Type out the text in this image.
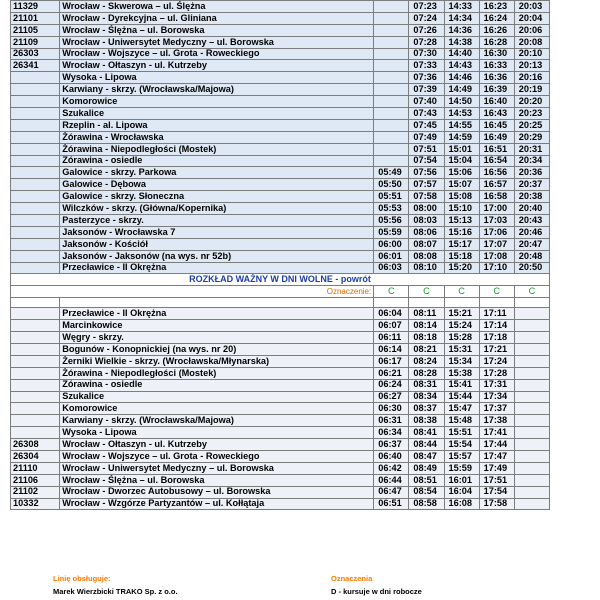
11329	Wrocław - Skwerowa – ul. Ślężna		07:23	14:33	16:23	20:03
21101	Wrocław - Dyrekcyjna – ul. Gliniana		07:24	14:34	16:24	20:04
21105	Wrocław - Ślężna – ul. Borowska		07:26	14:36	16:26	20:06
21109	Wrocław - Uniwersytet Medyczny – ul. Borowska		07:28	14:38	16:28	20:08
26303	Wrocław - Wojszyce – ul. Grota - Roweckiego		07:30	14:40	16:30	20:10
26341	Wrocław - Ołtaszyn - ul. Kutrzeby		07:33	14:43	16:33	20:13
	Wysoka - Lipowa		07:36	14:46	16:36	20:16
	Karwiany - skrzy. (Wrocławska/Majowa)		07:39	14:49	16:39	20:19
	Komorowice		07:40	14:50	16:40	20:20
	Szukalice		07:43	14:53	16:43	20:23
	Rzeplin - al. Lipowa		07:45	14:55	16:45	20:25
	Żórawina - Wrocławska		07:49	14:59	16:49	20:29
	Żórawina - Niepodległości (Mostek)		07:51	15:01	16:51	20:31
	Żórawina - osiedle		07:54	15:04	16:54	20:34
	Galowice - skrzy. Parkowa	05:49	07:56	15:06	16:56	20:36
	Galowice - Dębowa	05:50	07:57	15:07	16:57	20:37
	Galowice - skrzy. Słoneczna	05:51	07:58	15:08	16:58	20:38
	Wilczków - skrzy. (Główna/Kopernika)	05:53	08:00	15:10	17:00	20:40
	Pasterzyce - skrzy.	05:56	08:03	15:13	17:03	20:43
	Jaksonów - Wrocławska 7	05:59	08:06	15:16	17:06	20:46
	Jaksonów - Kościół	06:00	08:07	15:17	17:07	20:47
	Jaksonów - Jaksonów (na wys. nr 52b)	06:01	08:08	15:18	17:08	20:48
	Przecławice - II Okrężna	06:03	08:10	15:20	17:10	20:50
ROZKŁAD WAŻNY W DNI WOLNE - powrót						
Oznaczenie:		C	C	C	C	C

	Przecławice - II Okrężna	06:04	08:11	15:21	17:11	
	Marcinkowice	06:07	08:14	15:24	17:14	
	Węgry - skrzy.	06:11	08:18	15:28	17:18	
	Bogunów - Konopnickiej (na wys. nr 20)	06:14	08:21	15:31	17:21	
	Żerniki Wielkie - skrzy. (Wrocławska/Młynarska)	06:17	08:24	15:34	17:24	
	Żórawina - Niepodległości (Mostek)	06:21	08:28	15:38	17:28	
	Żórawina - osiedle	06:24	08:31	15:41	17:31	
	Szukalice	06:27	08:34	15:44	17:34	
	Komorowice	06:30	08:37	15:47	17:37	
	Karwiany - skrzy. (Wrocławska/Majowa)	06:31	08:38	15:48	17:38	
	Wysoka - Lipowa	06:34	08:41	15:51	17:41	
26308	Wrocław - Ołtaszyn - ul. Kutrzeby	06:37	08:44	15:54	17:44	
26304	Wrocław - Wojszyce – ul. Grota - Roweckiego	06:40	08:47	15:57	17:47	
21110	Wrocław - Uniwersytet Medyczny – ul. Borowska	06:42	08:49	15:59	17:49	
21106	Wrocław - Ślężna – ul. Borowska	06:44	08:51	16:01	17:51	
21102	Wrocław - Dworzec Autobusowy – ul. Borowska	06:47	08:54	16:04	17:54	
10332	Wrocław - Wzgórze Partyzantów – ul. Kołłątaja	06:51	08:58	16:08	17:58	
Linię obsługuje:
Marek Wierzbicki TRAKO Sp. z o.o.
Oznaczenia
D - kursuje w dni robocze
